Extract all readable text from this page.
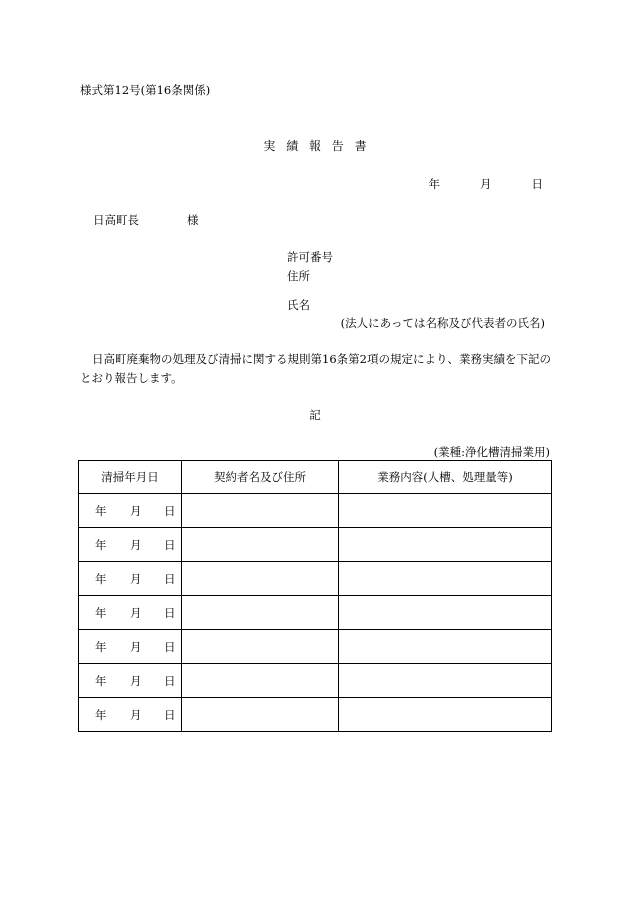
様式第12号(第16条関係)
実績報告書
年	月	日
日高町長	様
許可番号
住所
氏名
(法人にあっては名称及び代表者の氏名)
日高町廃棄物の処理及び清掃に関する規則第16条第2項の規定により、業務実績を下記のとおり報告します。
記
(業種:浄化槽清掃業用)
清掃年月日	契約者名及び住所	業務内容(人槽、処理量等)

年 月 日		

年 月 日		

年 月 日		

年 月 日		

年 月 日		

年 月 日		

年 月 日		
